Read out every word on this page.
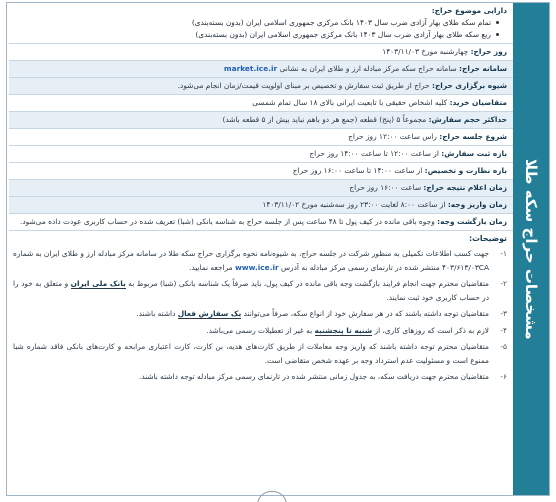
مشخصات حراج سکه طلا
دارایی موضوع حراج:
تمام سکه طلای بهار آزادی ضرب سال ۱۴۰۳ بانک مرکزی جمهوری اسلامی ایران (بدون بسته‌بندی)
ربع سکه طلای بهار آزادی ضرب سال ۱۴۰۳ بانک مرکزی جمهوری اسلامی ایران (بدون بسته‌بندی)
روز حراج: چهارشنبه مورخ ۱۴۰۳/۱۱/۰۳
سامانه حراج: سامانه حراج سکه مرکز مبادله ارز و طلای ایران به نشانی market.ice.ir
شیوه برگزاری حراج: حراج از طریق ثبت سفارش و تخصیص بر مبنای اولویت قیمت/زمان انجام می‌شود.
متقاضیان خرید: کلیه اشخاص حقیقی با تابعیت ایرانی بالای ۱۸ سال تمام شمسی
حداکثر حجم سفارش: مجموعاً ۵ (پنج) قطعه (جمع هر دو باهم نباید بیش از ۵ قطعه باشد)
شروع جلسه حراج: راس ساعت ۱۲:۰۰ روز حراج
بازه ثبت سفارش: از ساعت ۱۲:۰۰ تا ساعت ۱۴:۰۰ روز حراج
بازه نظارت و تخصیص: از ساعت ۱۴:۰۰ تا ساعت ۱۶:۰۰ روز حراج
زمان اعلام نتیجه حراج: ساعت ۱۶:۰۰ روز حراج
زمان واریز وجه: از ساعت ۸:۰۰ لغایت ۲۳:۰۰ روز سه‌شنبه مورخ ۱۴۰۳/۱۱/۰۲
زمان بازگشت وجه: وجوه باقی مانده در کیف پول تا ۴۸ ساعت پس از جلسه حراج به شناسه بانکی (شبا) تعریف شده در حساب کاربری عودت داده می‌شود.
توضیحات:
۱-
جهت کسب اطلاعات تکمیلی به منظور شرکت در جلسه حراج، به شیوه‌نامه نحوه برگزاری حراج سکه طلا در سامانه مرکز مبادله ارز و طلای ایران به شماره ۴۰۳/۶۱۳/۰۳CA منتشر شده در تارنمای رسمی مرکز مبادله به آدرس www.ice.ir مراجعه نمایید.
۲-
متقاضیان محترم جهت انجام فرایند بازگشت وجه باقی مانده در کیف پول، باید صرفاً یک شناسه بانکی (شبا) مربوط به بانک ملی ایران و متعلق به خود را در حساب کاربری خود ثبت نمایند.
۳-
متقاضیان توجه داشته باشند که در هر سفارش خود از انواع سکه، صرفاً می‌توانند یک سفارش فعال داشته باشند.
۴-
لازم به ذکر است که روزهای کاری، از شنبه تا پنجشنبه به غیر از تعطیلات رسمی می‌باشد.
۵-
متقاضیان محترم توجه داشته باشند که واریز وجه معاملات از طریق کارت‌های هدیه، بن کارت، کارت اعتباری مرابحه و کارت‌های بانکی فاقد شماره شبا ممنوع است و مسئولیت عدم استرداد وجه بر عهده شخص متقاضی است.
۶-
متقاضیان محترم جهت دریافت سکه، به جدول زمانی منتشر شده در تارنمای رسمی مرکز مبادله توجه داشته باشند.
